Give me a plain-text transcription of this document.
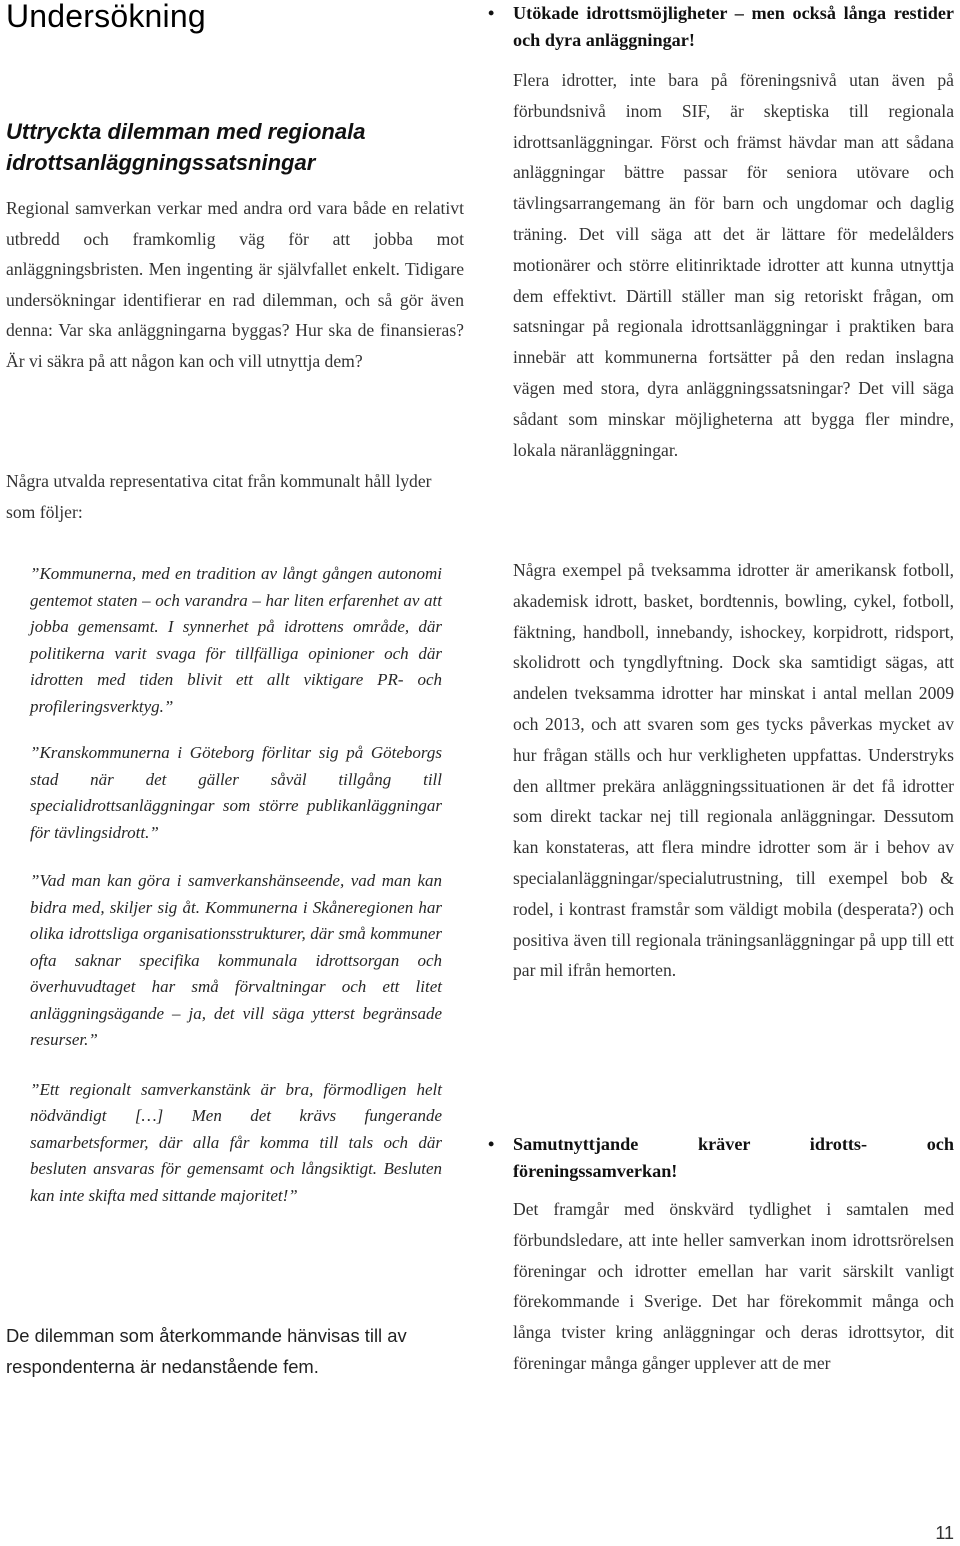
Undersökning
Uttryckta dilemman med regionala idrottsanläggningssatsningar

Regional samverkan verkar med andra ord vara både en relativt utbredd och framkomlig väg för att jobba mot anläggningsbristen. Men ingenting är självfallet enkelt. Tidigare undersökningar identifierar en rad dilemman, och så gör även denna: Var ska anläggningarna byggas? Hur ska de finansieras? Är vi säkra på att någon kan och vill utnyttja dem?

Några utvalda representativa citat från kommunalt håll lyder som följer:

”Kommunerna, med en tradition av långt gången autonomi gentemot staten – och varandra – har liten erfarenhet av att jobba gemensamt. I synnerhet på idrottens område, där politikerna varit svaga för tillfälliga opinioner och där idrotten med tiden blivit ett allt viktigare PR- och profileringsverktyg.”

”Kranskommunerna i Göteborg förlitar sig på Göteborgs stad när det gäller såväl tillgång till specialidrottsanläggningar som större publikanläggningar för tävlingsidrott.”

”Vad man kan göra i samverkanshänseende, vad man kan bidra med, skiljer sig åt. Kommunerna i Skåneregionen har olika idrottsliga organisationsstrukturer, där små kommuner ofta saknar specifika kommunala idrottsorgan och överhuvudtaget har små förvaltningar och ett litet anläggningsägande – ja, det vill säga ytterst begränsade resurser.”

”Ett regionalt samverkanstänk är bra, förmodligen helt nödvändigt […] Men det krävs fungerande samarbetsformer, där alla får komma till tals och där besluten ansvaras för gemensamt och långsiktigt. Besluten kan inte skifta med sittande majoritet!”

De dilemman som återkommande hänvisas till av respondenterna är nedanstående fem.

•	Utökade idrottsmöjligheter – men också långa restider och dyra anläggningar!

Flera idrotter, inte bara på föreningsnivå utan även på förbundsnivå inom SIF, är skeptiska till regionala idrottsanläggningar. Först och främst hävdar man att sådana anläggningar bättre passar för seniora utövare och tävlingsarrangemang än för barn och ungdomar och daglig träning. Det vill säga att det är lättare för medelålders motionärer och större elitinriktade idrotter att kunna utnyttja dem effektivt. Därtill ställer man sig retoriskt frågan, om satsningar på regionala idrottsanläggningar i praktiken bara innebär att kommunerna fortsätter på den redan inslagna vägen med stora, dyra anläggningssatsningar? Det vill säga sådant som minskar möjligheterna att bygga fler mindre, lokala näranläggningar.

Några exempel på tveksamma idrotter är amerikansk fotboll, akademisk idrott, basket, bordtennis, bowling, cykel, fotboll, fäktning, handboll, innebandy, ishockey, korpidrott, ridsport, skolidrott och tyngdlyftning. Dock ska samtidigt sägas, att andelen tveksamma idrotter har minskat i antal mellan 2009 och 2013, och att svaren som ges tycks påverkas mycket av hur frågan ställs och hur verkligheten uppfattas. Understryks den alltmer prekära anläggningssituationen är det få idrotter som direkt tackar nej till regionala anläggningar. Dessutom kan konstateras, att flera mindre idrotter som är i behov av specialanläggningar/specialutrustning, till exempel bob & rodel, i kontrast framstår som väldigt mobila (desperata?) och positiva även till regionala träningsanläggningar på upp till ett par mil ifrån hemorten.

•	Samutnyttjande kräver idrotts- och föreningssamverkan!

Det framgår med önskvärd tydlighet i samtalen med förbundsledare, att inte heller samverkan inom idrottsrörelsen föreningar och idrotter emellan har varit särskilt vanligt förekommande i Sverige. Det har förekommit många och långa tvister kring anläggningar och deras idrottsytor, dit föreningar många gånger upplever att de mer

11
